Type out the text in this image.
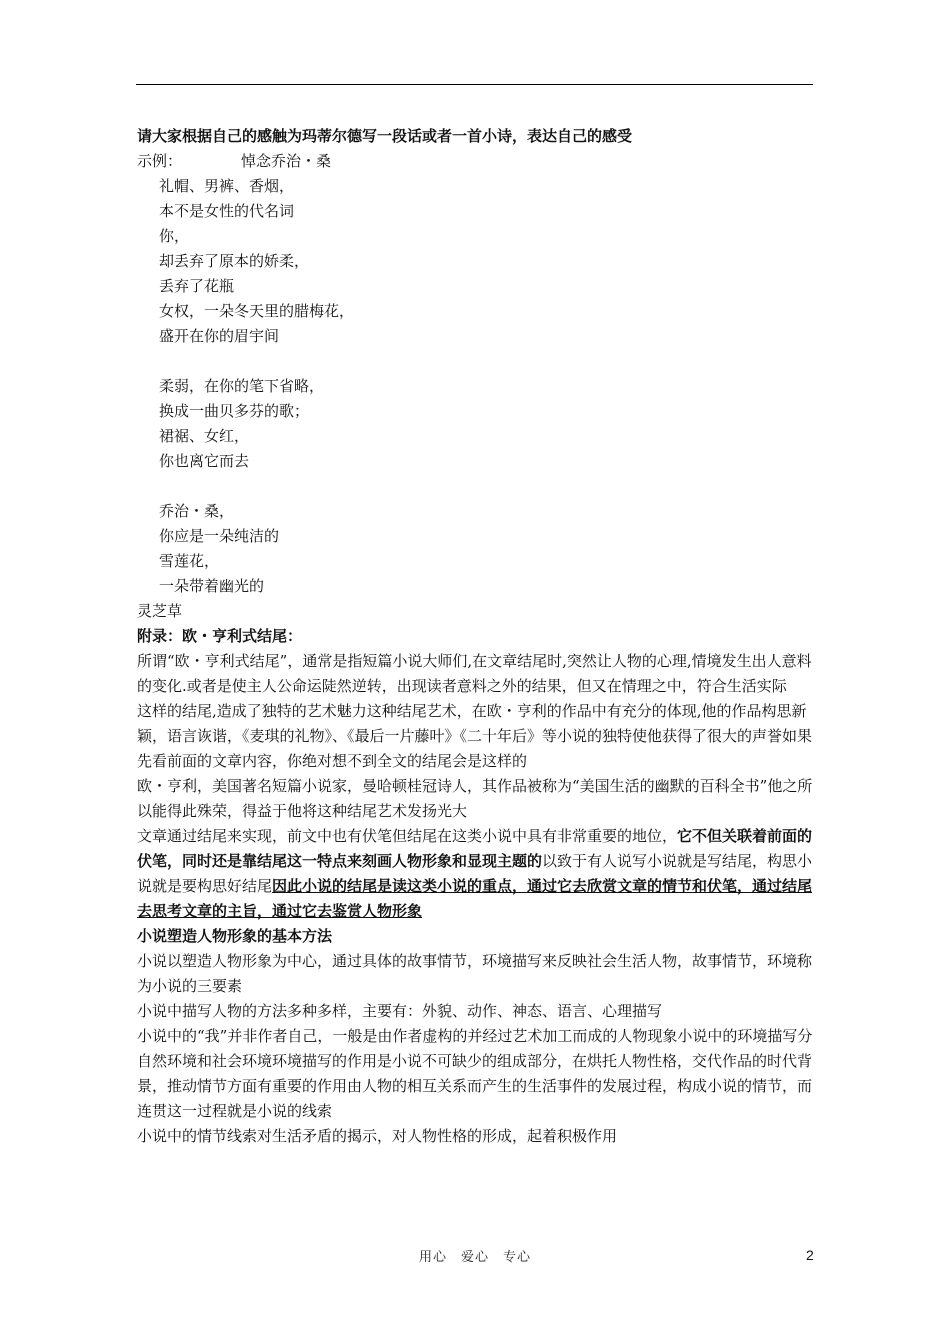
请大家根据自己的感触为玛蒂尔德写一段话或者一首小诗，表达自己的感受

示例：	悼念乔治・桑

礼帽、男裤、香烟，

本不是女性的代名词

你，

却丢弃了原本的娇柔，

丢弃了花瓶

女权，一朵冬天里的腊梅花，

盛开在你的眉宇间

柔弱，在你的笔下省略，

换成一曲贝多芬的歌；

裙裾、女红，

你也离它而去

乔治・桑，

你应是一朵纯洁的

雪莲花，

一朵带着幽光的

灵芝草

附录：欧・亨利式结尾：

所谓“欧・亨利式结尾”，通常是指短篇小说大师们,在文章结尾时,突然让人物的心理,情境发生出人意料的变化.或者是使主人公命运陡然逆转，出现读者意料之外的结果，但又在情理之中，符合生活实际

这样的结尾,造成了独特的艺术魅力这种结尾艺术，在欧・亨利的作品中有充分的体现,他的作品构思新颖，语言诙谐，《麦琪的礼物》、《最后一片藤叶》《二十年后》等小说的独特使他获得了很大的声誉如果先看前面的文章内容，你绝对想不到全文的结尾会是这样的

欧・亨利，美国著名短篇小说家，曼哈顿桂冠诗人，其作品被称为“美国生活的幽默的百科全书”他之所以能得此殊荣，得益于他将这种结尾艺术发扬光大

文章通过结尾来实现，前文中也有伏笔但结尾在这类小说中具有非常重要的地位，它不但关联着前面的伏笔，同时还是靠结尾这一特点来刻画人物形象和显现主题的以致于有人说写小说就是写结尾，构思小说就是要构思好结尾因此小说的结尾是读这类小说的重点，通过它去欣赏文章的情节和伏笔，通过结尾去思考文章的主旨，通过它去鉴赏人物形象

小说塑造人物形象的基本方法

小说以塑造人物形象为中心，通过具体的故事情节，环境描写来反映社会生活人物，故事情节，环境称为小说的三要素

小说中描写人物的方法多种多样，主要有：外貌、动作、神态、语言、心理描写

小说中的“我”并非作者自己，一般是由作者虚构的并经过艺术加工而成的人物现象小说中的环境描写分自然环境和社会环境环境描写的作用是小说不可缺少的组成部分，在烘托人物性格，交代作品的时代背景，推动情节方面有重要的作用由人物的相互关系而产生的生活事件的发展过程，构成小说的情节，而连贯这一过程就是小说的线索

小说中的情节线索对生活矛盾的揭示，对人物性格的形成，起着积极作用

用心　爱心　专心	2
